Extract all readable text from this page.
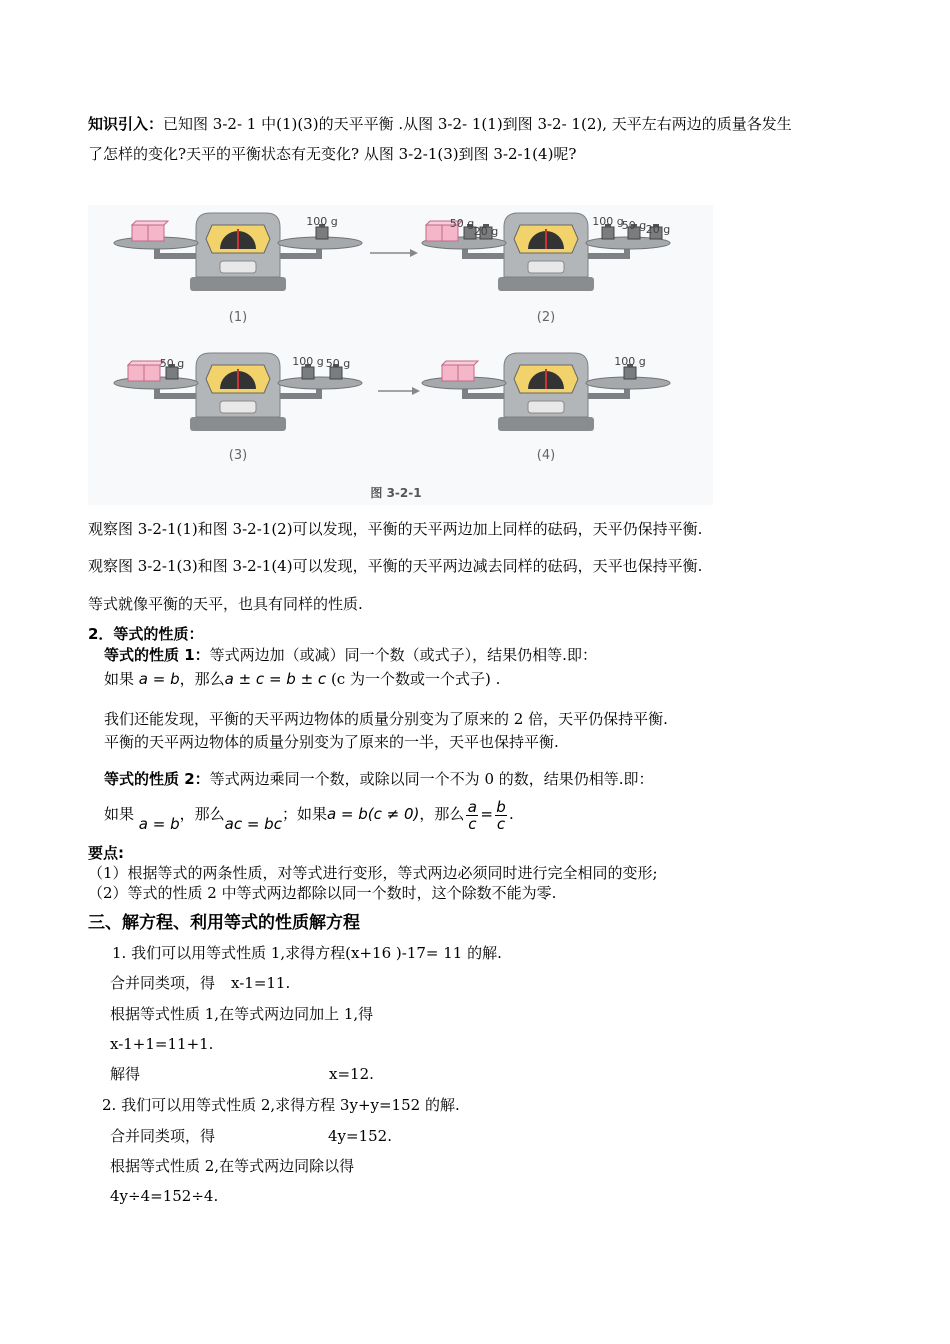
知识引入：已知图 3-2- 1 中(1)(3)的天平平衡 .从图 3-2- 1(1)到图 3-2- 1(2), 天平左右两边的质量各发生
了怎样的变化?天平的平衡状态有无变化? 从图 3-2-1(3)到图 3-2-1(4)呢?
100 g
(1)
50 g
20 g
100 g
50 g 20 g
(2)
50 g	100 g 50 g
(3)
100 g
(4)
图 3-2-1
观察图 3-2-1(1)和图 3-2-1(2)可以发现，平衡的天平两边加上同样的砝码，天平仍保持平衡.
观察图 3-2-1(3)和图 3-2-1(4)可以发现，平衡的天平两边减去同样的砝码，天平也保持平衡.
等式就像平衡的天平，也具有同样的性质.
2．等式的性质：
等式的性质 1：等式两边加（或减）同一个数（或式子），结果仍相等.即：
如果 a = b，那么a ± c = b ± c (c 为一个数或一个式子) .
我们还能发现，平衡的天平两边物体的质量分别变为了原来的 2 倍，天平仍保持平衡.
平衡的天平两边物体的质量分别变为了原来的一半，天平也保持平衡.
等式的性质 2：等式两边乘同一个数，或除以同一个不为 0 的数，结果仍相等.即：
如果 a = b，那么ac = bc；如果a = b(c ≠ 0)，那么 $\frac{a}{c} = \frac{b}{c}$ .
要点:
（1）根据等式的两条性质，对等式进行变形，等式两边必须同时进行完全相同的变形;
（2）等式的性质 2 中等式两边都除以同一个数时，这个除数不能为零.
三、解方程、利用等式的性质解方程
1. 我们可以用等式性质 1,求得方程(x+16 )-17= 11 的解.
合并同类项，得 x-1=11.
根据等式性质 1,在等式两边同加上 1,得
x-1+1=11+1.
解得	x=12.
2. 我们可以用等式性质 2,求得方程 3y+y=152 的解.
合并同类项，得	4y=152.
根据等式性质 2,在等式两边同除以得
4y÷4=152÷4.
